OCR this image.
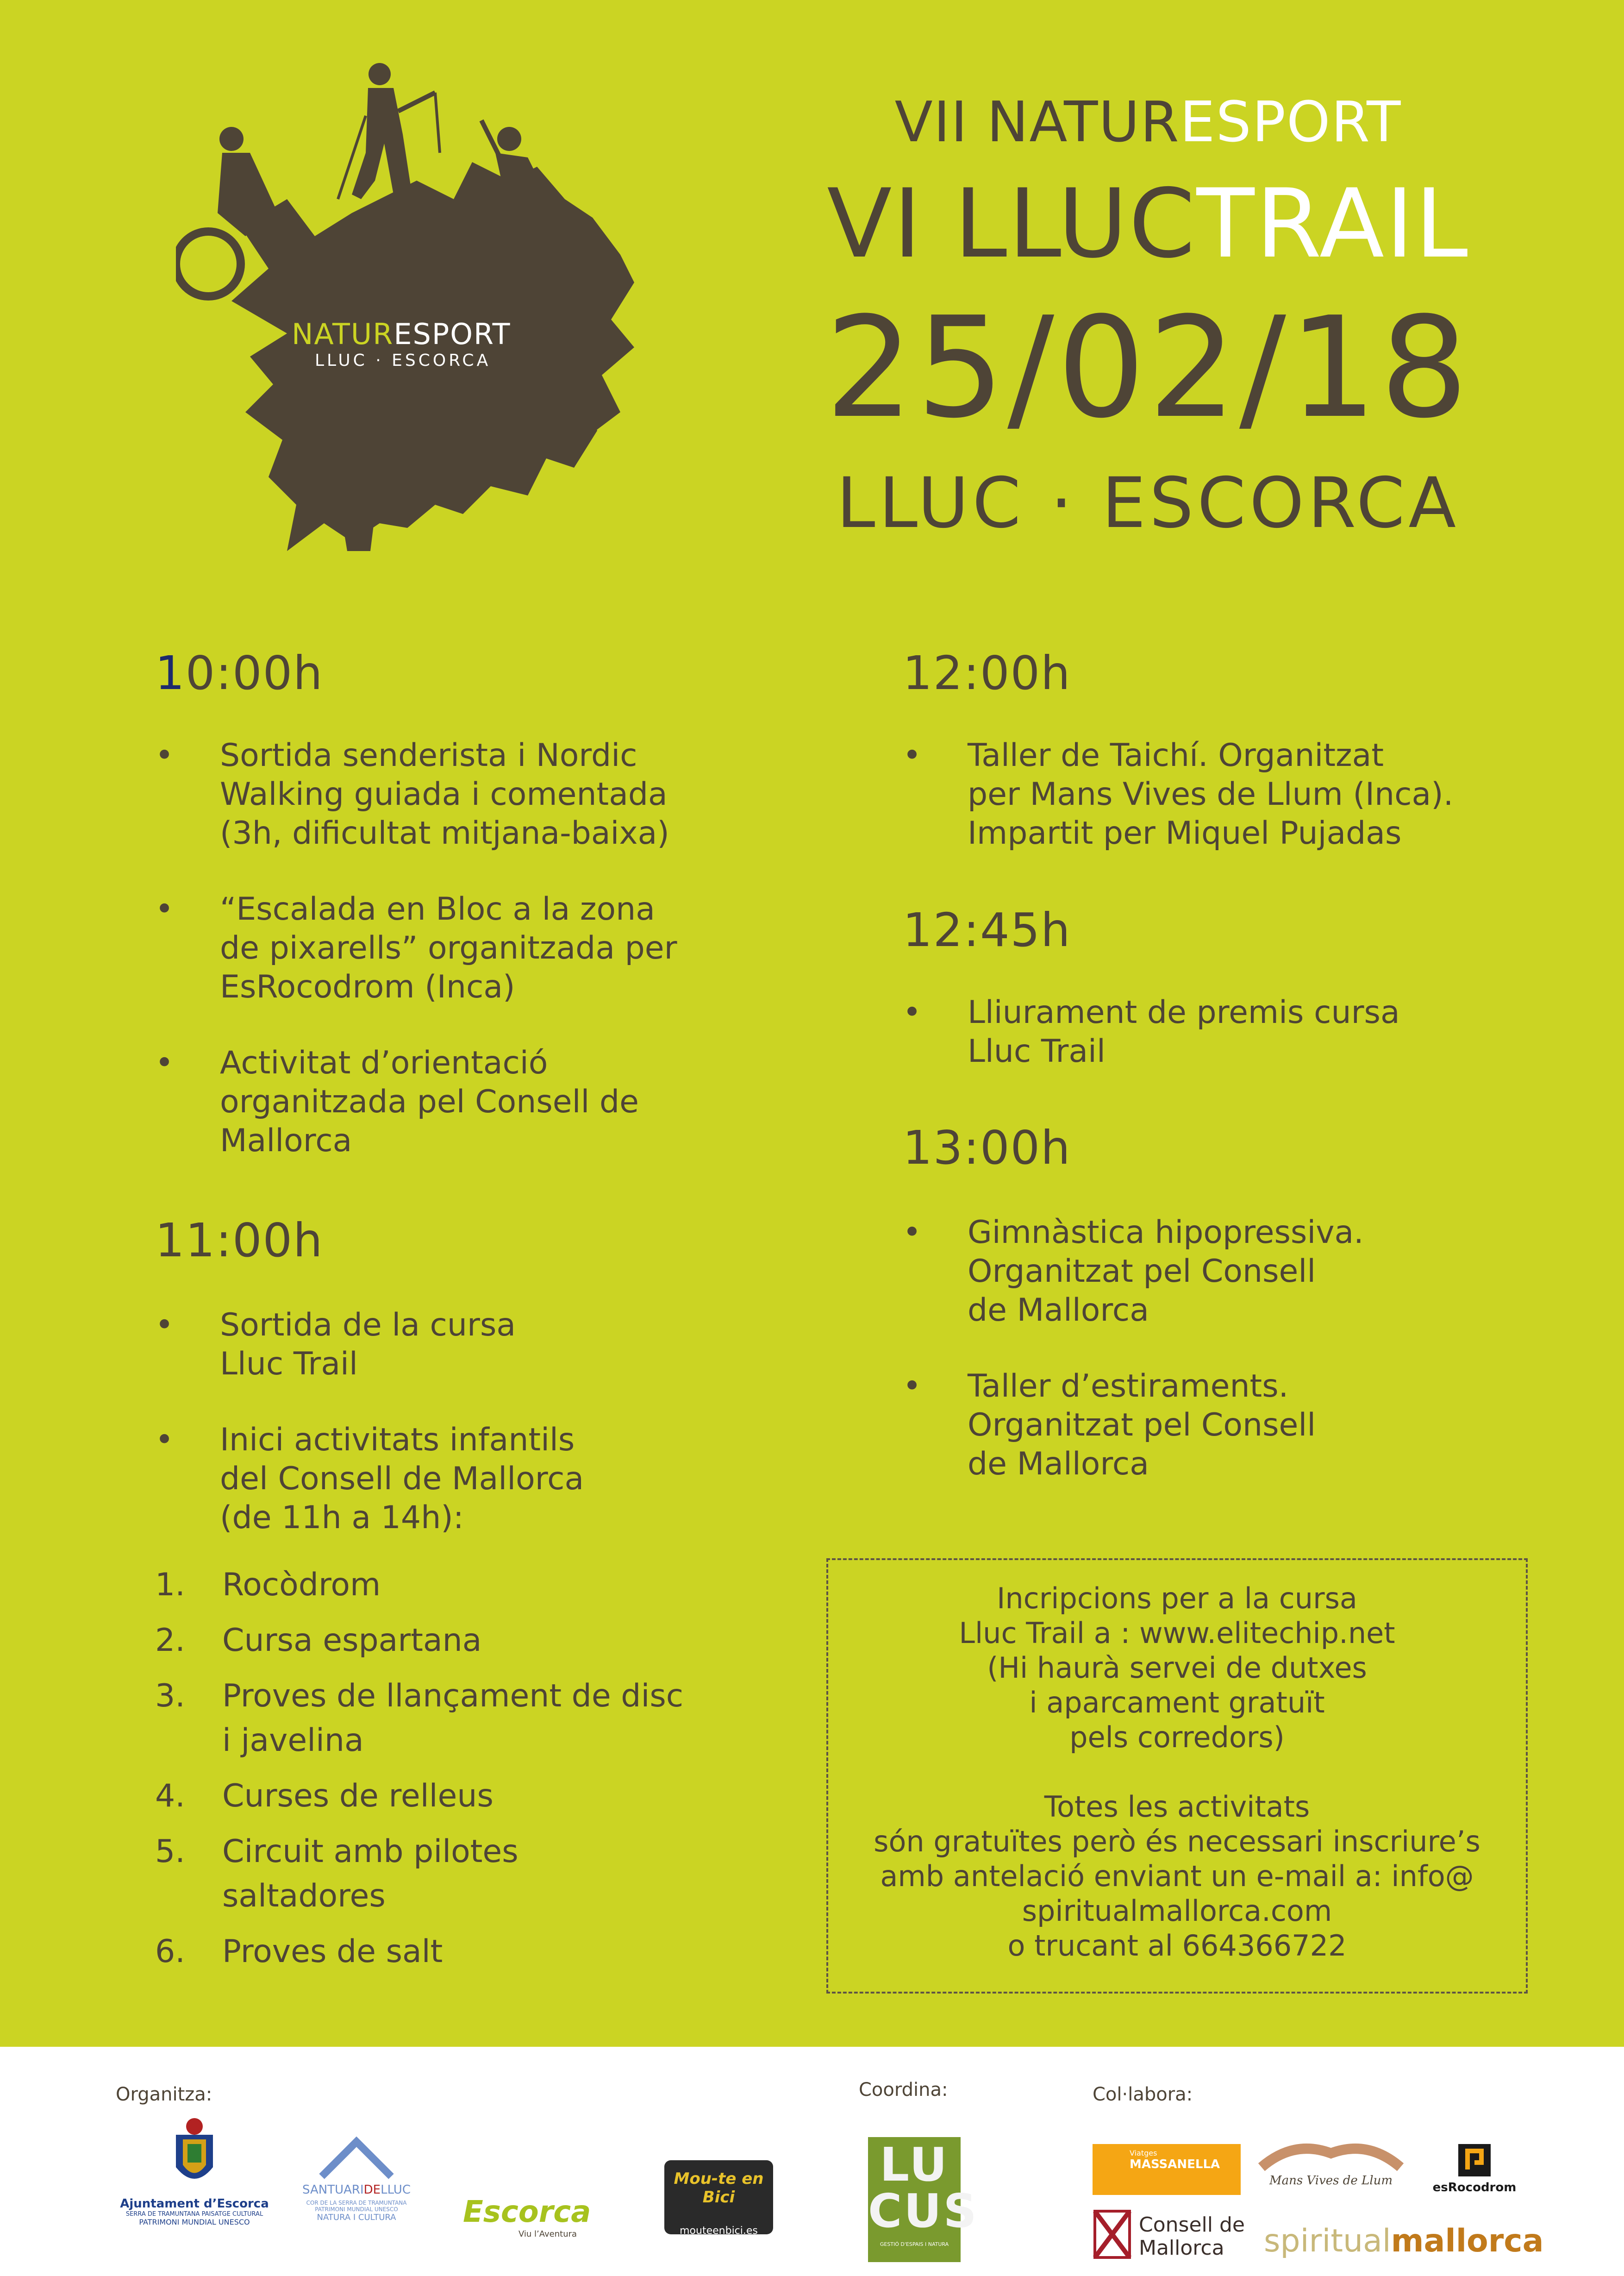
NATURESPORT
LLUC · ESCORCA
VII NATURESPORT
VI LLUCTRAIL
25/02/18
LLUC · ESCORCA
10:00h
• Sortida senderista i Nordic
Walking guiada i comentada
(3h, dificultat mitjana-baixa)
• “Escalada en Bloc a la zona
de pixarells” organitzada per
EsRocodrom (Inca)
• Activitat d’orientació
organitzada pel Consell de
Mallorca
11:00h
• Sortida de la cursa
Lluc Trail
• Inici activitats infantils
del Consell de Mallorca
(de 11h a 14h):
1.	Rocòdrom
2.	Cursa espartana
3.	Proves de llançament de disc
i javelina
4.	Curses de relleus
5.	Circuit amb pilotes
saltadores
6.	Proves de salt
12:00h
• Taller de Taichí. Organitzat
per Mans Vives de Llum (Inca).
Impartit per Miquel Pujadas
12:45h
• Lliurament de premis cursa
Lluc Trail
13:00h
• Gimnàstica hipopressiva.
Organitzat pel Consell
de Mallorca
• Taller d’estiraments.
Organitzat pel Consell
de Mallorca

Incripcions per a la cursa
Lluc Trail a : www.elitechip.net
(Hi haurà servei de dutxes
i aparcament gratuït
pels corredors)

Totes les activitats
són gratuïtes però és necessari inscriure’s
amb antelació enviant un e-mail a: info@
spiritualmallorca.com
o trucant al 664366722

Organitza:	Coordina:	Col·labora:
Ajuntament d’Escorca
SERRA DE TRAMUNTANA PAISATGE CULTURAL
PATRIMONI MUNDIAL UNESCO
SANTUARIDELLUC
COR DE LA SERRA DE TRAMUNTANA
PATRIMONI MUNDIAL UNESCO
NATURA I CULTURA	Escorca
Viu l’Aventura
Mou-te en Bici
mouteenbici.es
LU
CUS
GESTIÓ D'ESPAIS I NATURA
Viatges
MASSANELLA
Mans Vives de Llum	esRocodrom
Consell de
Mallorca	spiritualmallorca
